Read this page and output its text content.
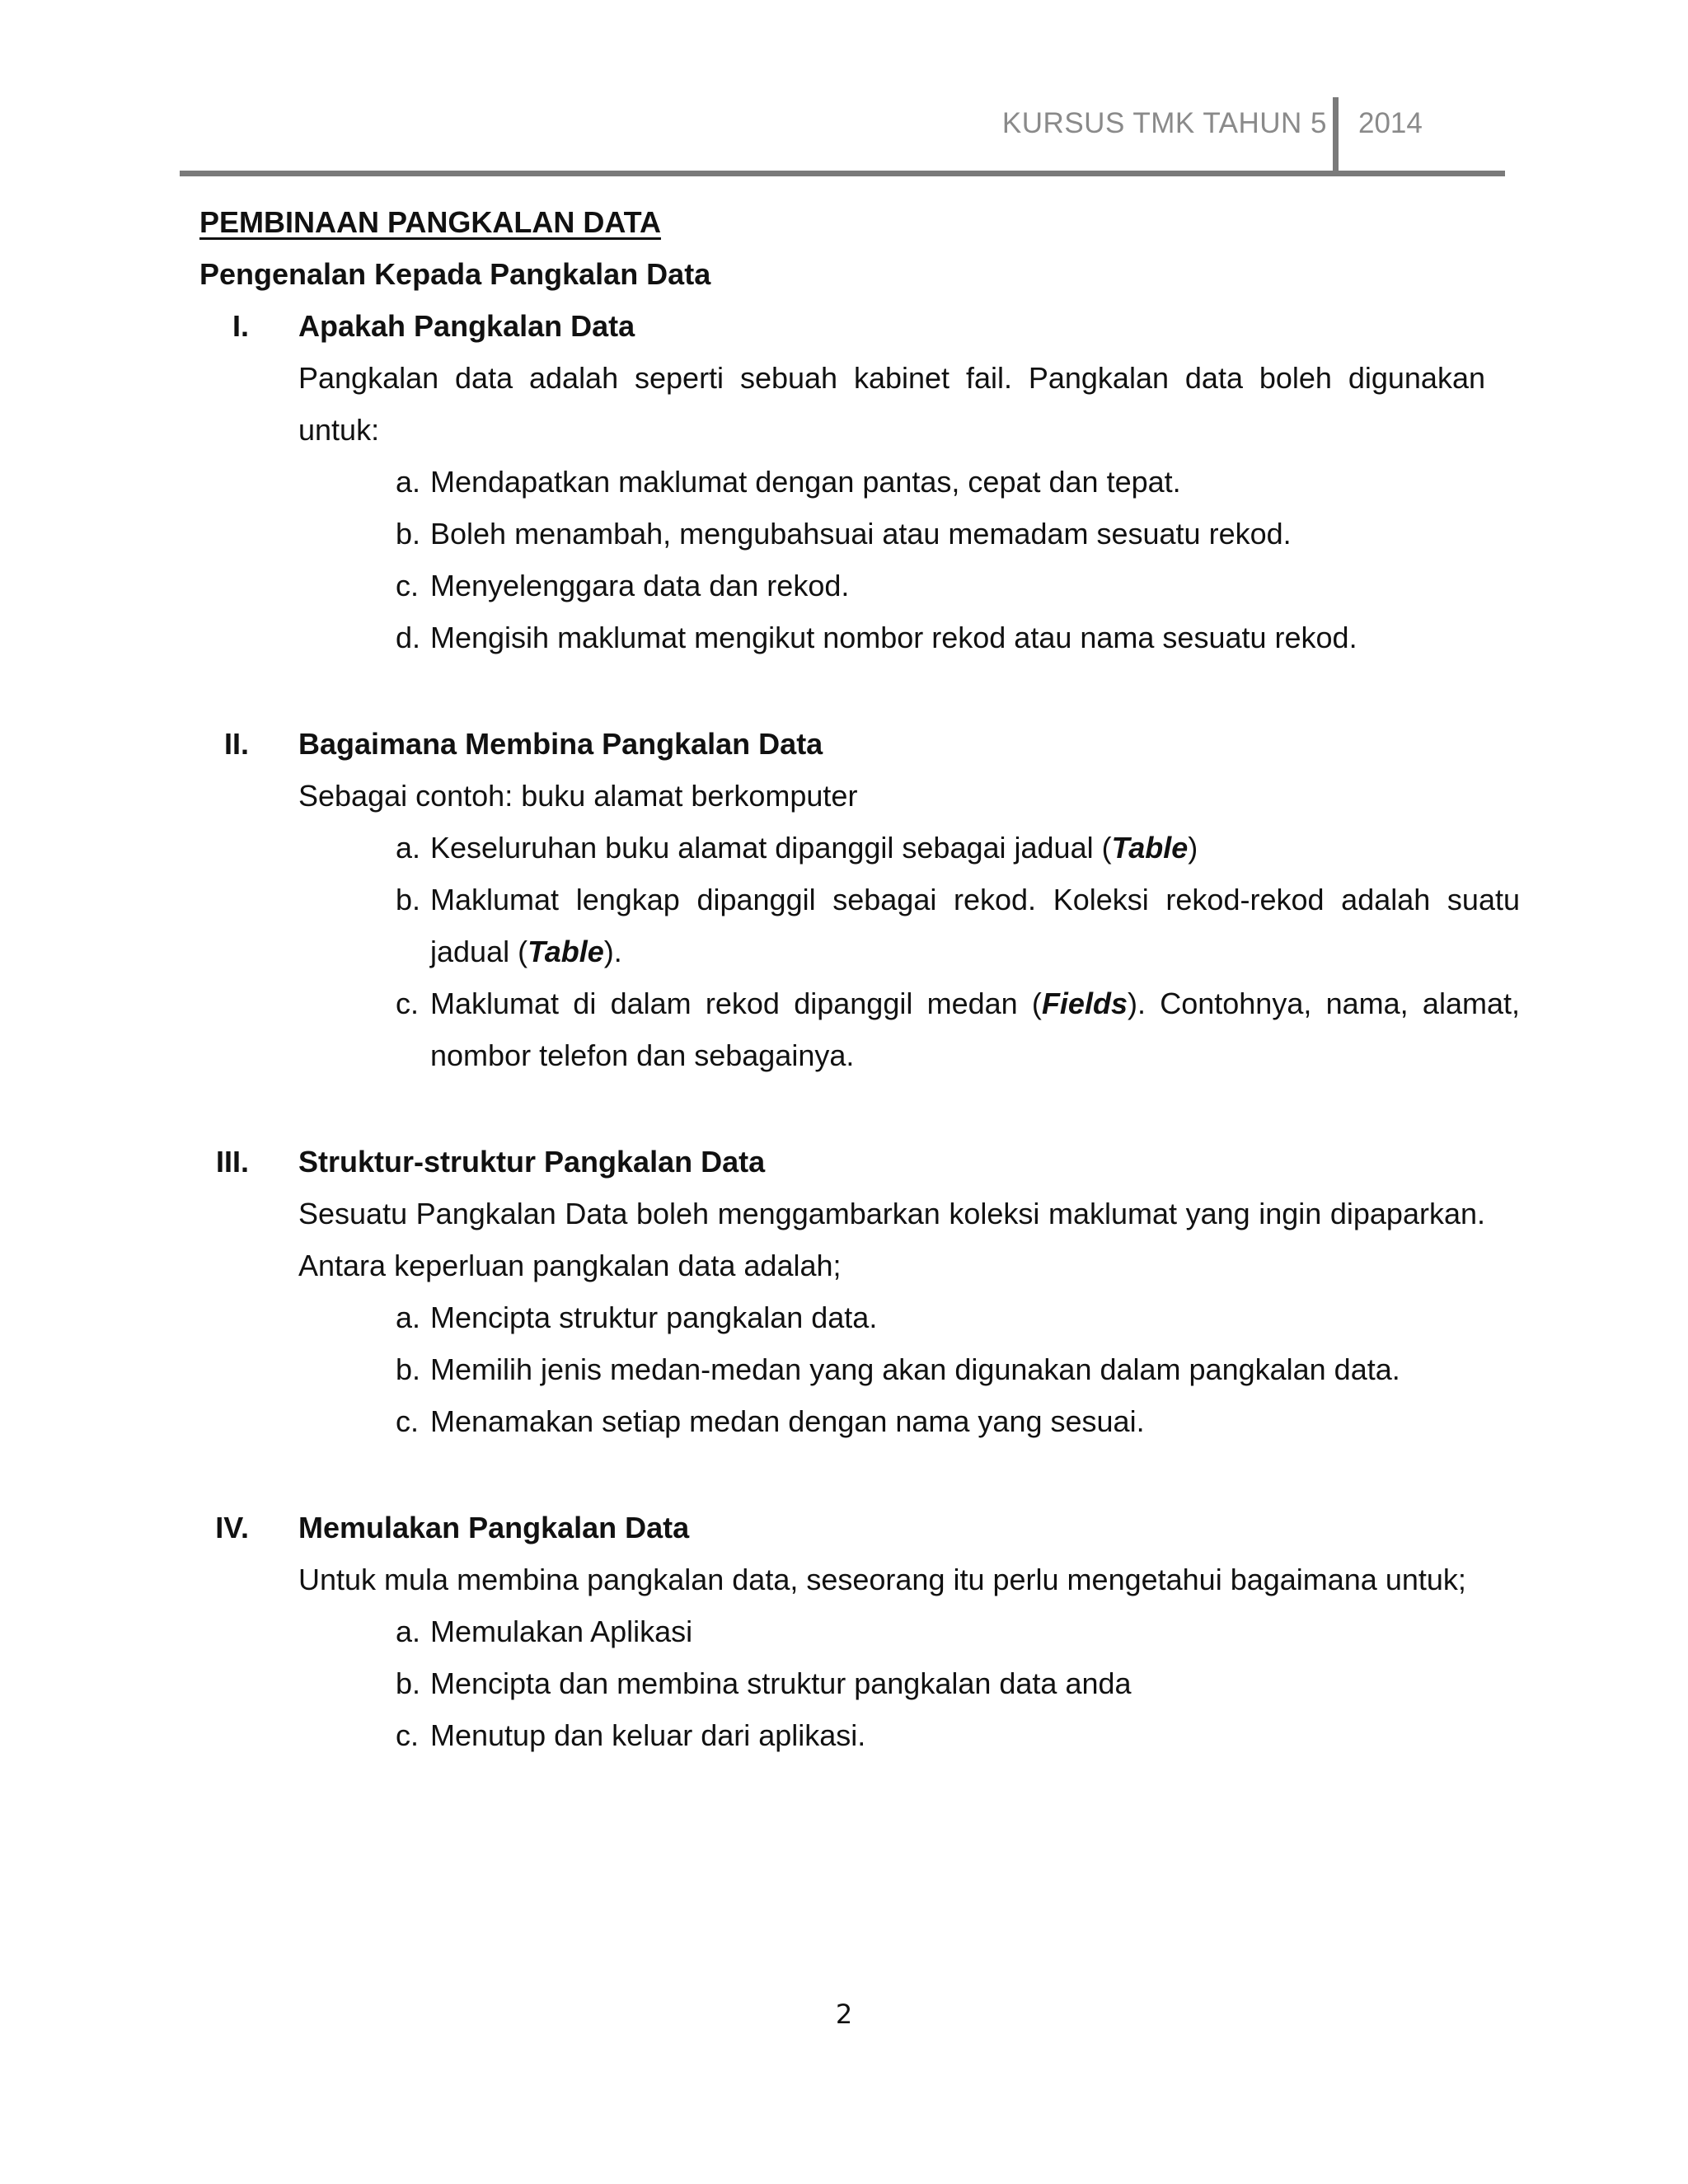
KURSUS TMK TAHUN 5 2014
PEMBINAAN PANGKALAN DATA
Pengenalan Kepada Pangkalan Data
I. Apakah Pangkalan Data
Pangkalan data adalah seperti sebuah kabinet fail. Pangkalan data boleh digunakan untuk:
a. Mendapatkan maklumat dengan pantas, cepat dan tepat.
b. Boleh menambah, mengubahsuai atau memadam sesuatu rekod.
c. Menyelenggara data dan rekod.
d. Mengisih maklumat mengikut nombor rekod atau nama sesuatu rekod.
II. Bagaimana Membina Pangkalan Data
Sebagai contoh: buku alamat berkomputer
a. Keseluruhan buku alamat dipanggil sebagai jadual (Table)
b. Maklumat lengkap dipanggil sebagai rekod. Koleksi rekod-rekod adalah suatu jadual (Table).
c. Maklumat di dalam rekod dipanggil medan (Fields). Contohnya, nama, alamat, nombor telefon dan sebagainya.
III. Struktur-struktur Pangkalan Data
Sesuatu Pangkalan Data boleh menggambarkan koleksi maklumat yang ingin dipaparkan. Antara keperluan pangkalan data adalah;
a. Mencipta struktur pangkalan data.
b. Memilih jenis medan-medan yang akan digunakan dalam pangkalan data.
c. Menamakan setiap medan dengan nama yang sesuai.
IV. Memulakan Pangkalan Data
Untuk mula membina pangkalan data, seseorang itu perlu mengetahui bagaimana untuk;
a. Memulakan Aplikasi
b. Mencipta dan membina struktur pangkalan data anda
c. Menutup dan keluar dari aplikasi.
2
